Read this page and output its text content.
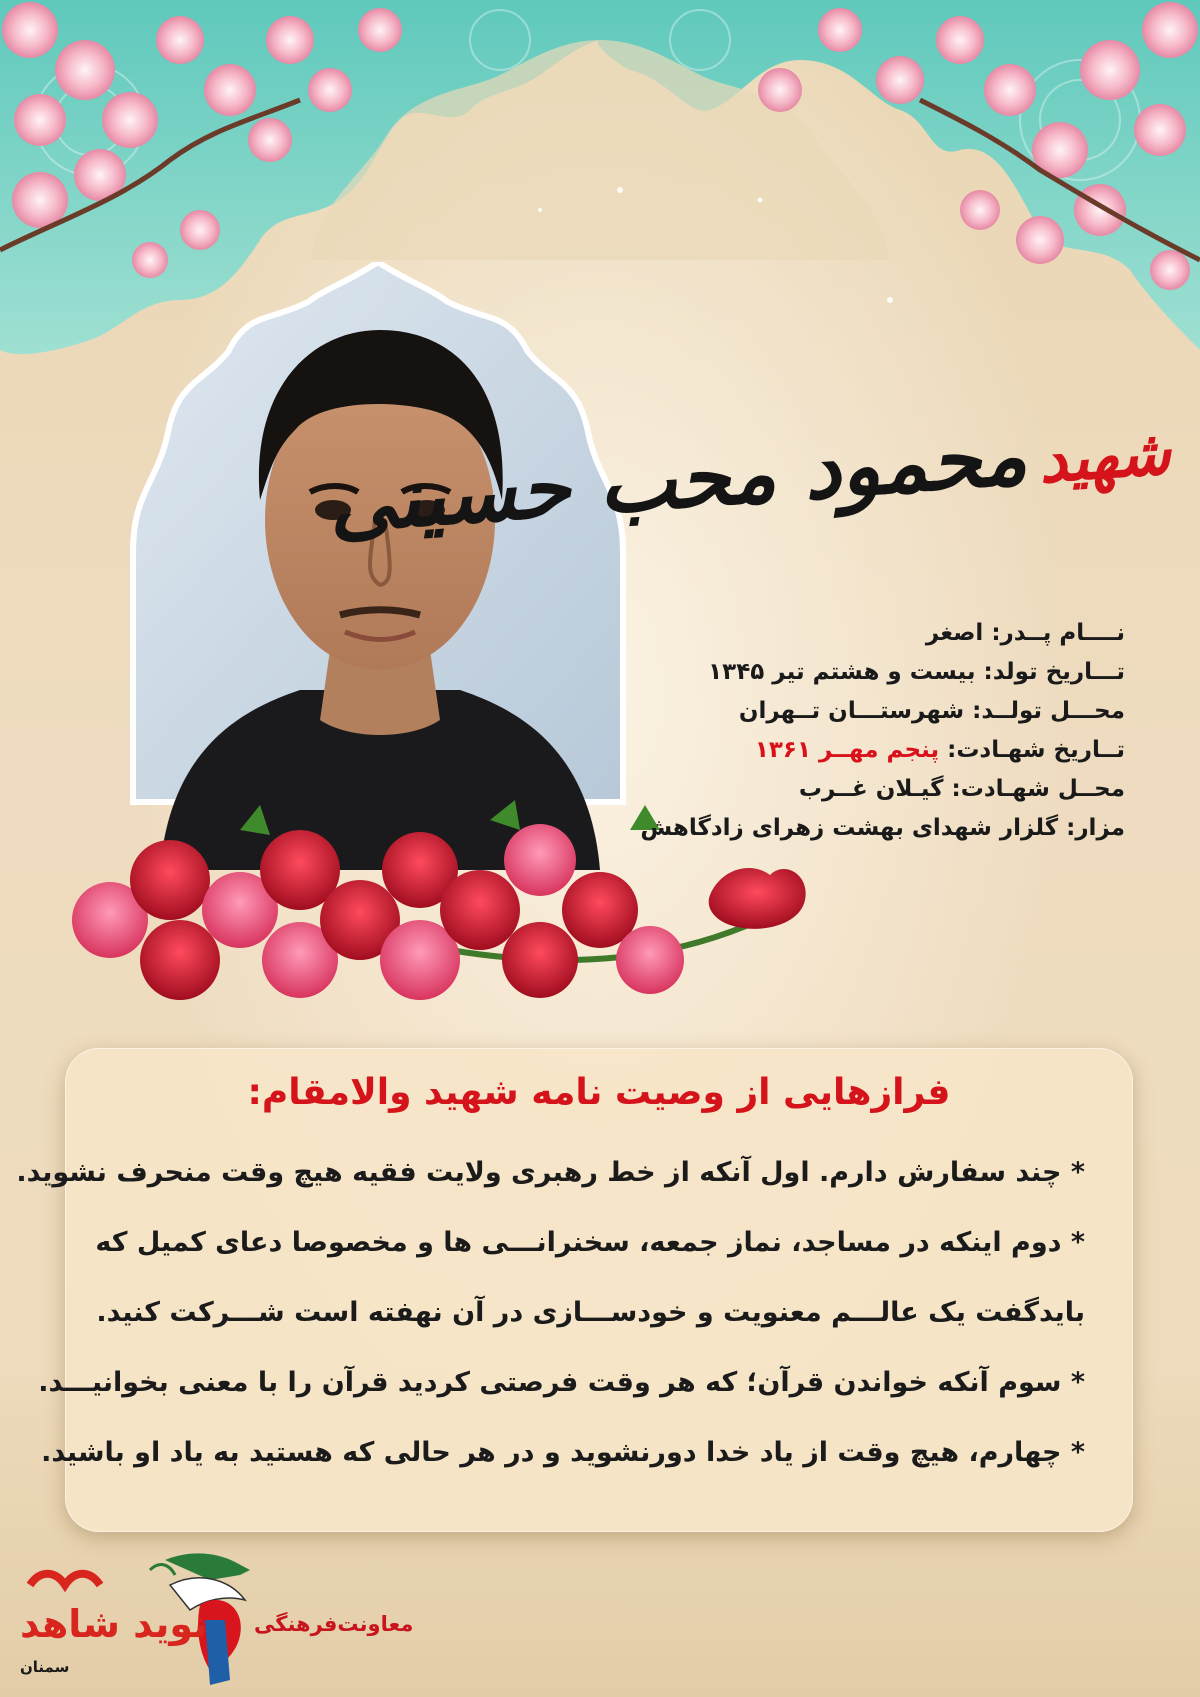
شهیدمحمود محب حسینی
نــــام پــدر: اصغر
تـــاریخ تولد: بیست و هشتم تیر ۱۳۴۵
محـــل تولــد: شهرستـــان تــهران
تــاریخ شهـادت: پنجم مهــر ۱۳۶۱
محــل شهـادت: گیـلان غــرب
مزار: گلزار شهدای بهشت زهرای زادگاهش
فرازهایی از وصیت نامه شهید والامقام:
* چند سفارش دارم. اول آنکه از خط رهبری ولایت فقیه هیچ وقت منحرف نشوید.
* دوم اینکه در مساجد، نماز جمعه، سخنرانـــی ها و مخصوصا دعای کمیل که
بایدگفت یک عالـــم معنویت و خودســـازی در آن نهفته است شـــرکت کنید.
* سوم آنکه خواندن قرآن؛ که هر وقت فرصتی کردید قرآن را با معنی بخوانیـــد.
* چهارم، هیچ وقت از یاد خدا دورنشوید و در هر حالی که هستید به یاد او باشید.
معاونت‌فرهنگی
نوید شاهد
سمنان
